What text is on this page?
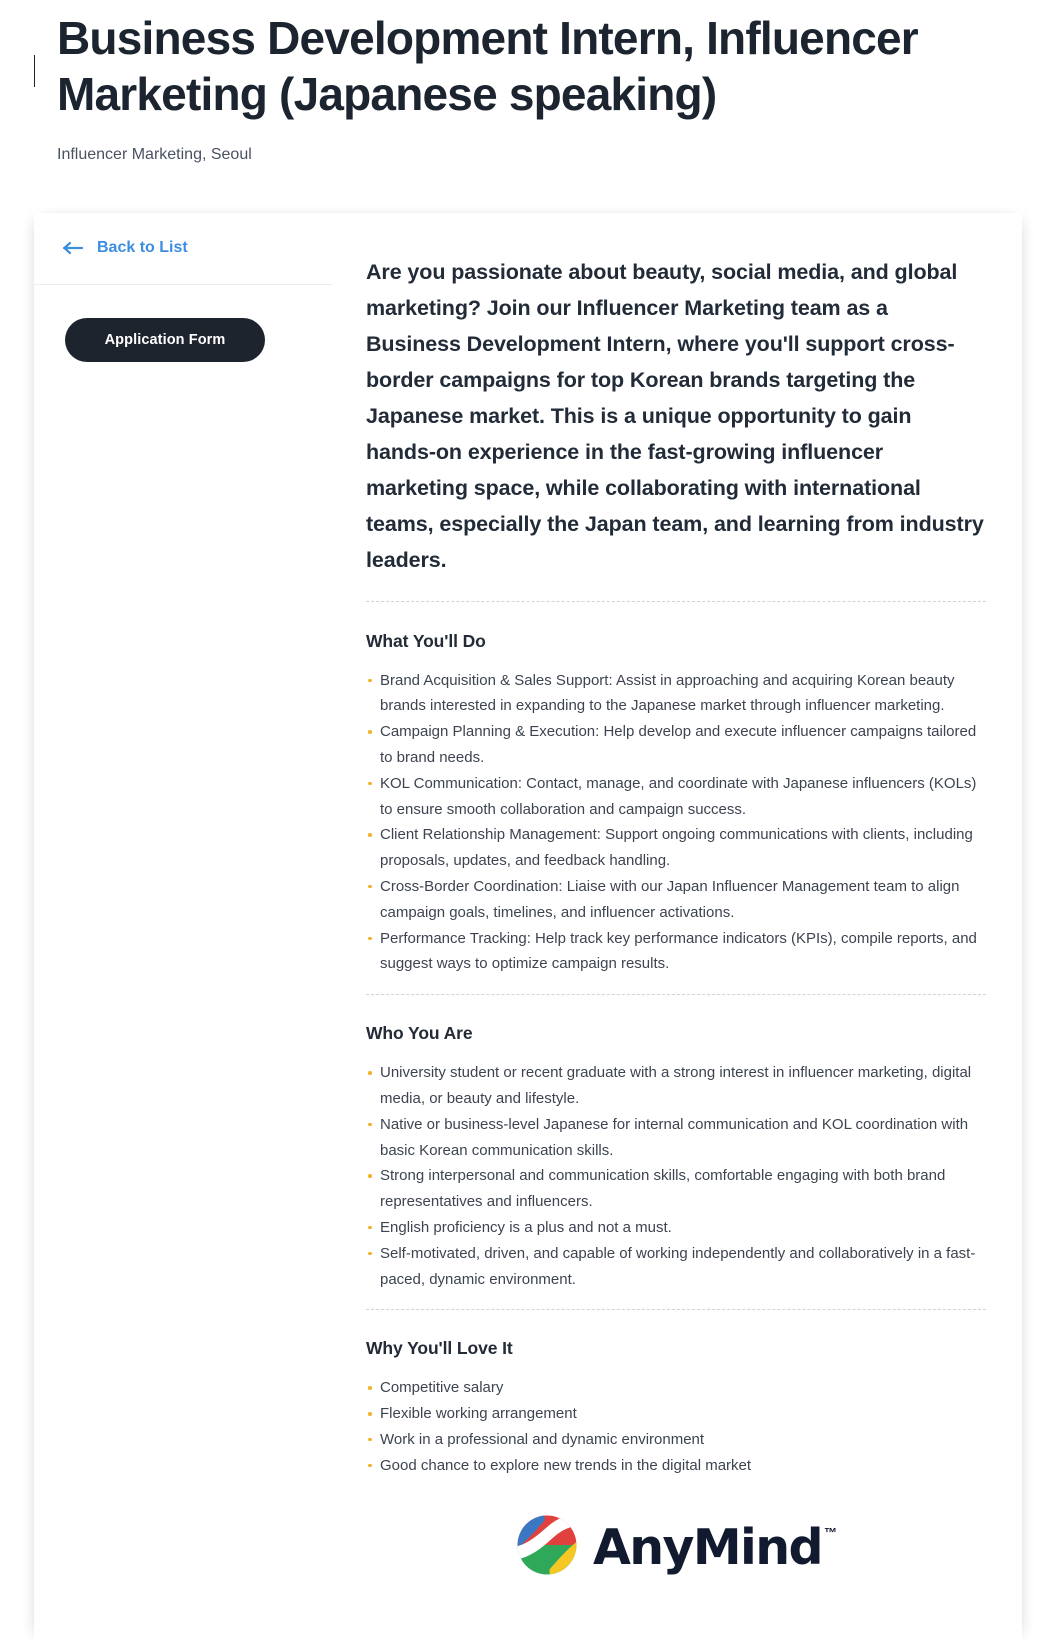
Business Development Intern, Influencer Marketing (Japanese speaking)
Influencer Marketing, Seoul
Back to List
Application Form

Are you passionate about beauty, social media, and global marketing? Join our Influencer Marketing team as a Business Development Intern, where you'll support cross-border campaigns for top Korean brands targeting the Japanese market. This is a unique opportunity to gain hands-on experience in the fast-growing influencer marketing space, while collaborating with international teams, especially the Japan team, and learning from industry leaders.

What You'll Do
Brand Acquisition & Sales Support: Assist in approaching and acquiring Korean beauty brands interested in expanding to the Japanese market through influencer marketing.
Campaign Planning & Execution: Help develop and execute influencer campaigns tailored to brand needs.
KOL Communication: Contact, manage, and coordinate with Japanese influencers (KOLs) to ensure smooth collaboration and campaign success.
Client Relationship Management: Support ongoing communications with clients, including proposals, updates, and feedback handling.
Cross-Border Coordination: Liaise with our Japan Influencer Management team to align campaign goals, timelines, and influencer activations.
Performance Tracking: Help track key performance indicators (KPIs), compile reports, and suggest ways to optimize campaign results.
Who You Are
University student or recent graduate with a strong interest in influencer marketing, digital media, or beauty and lifestyle.
Native or business-level Japanese for internal communication and KOL coordination with basic Korean communication skills.
Strong interpersonal and communication skills, comfortable engaging with both brand representatives and influencers.
English proficiency is a plus and not a must.
Self-motivated, driven, and capable of working independently and collaboratively in a fast-paced, dynamic environment.
Why You'll Love It
Competitive salary
Flexible working arrangement
Work in a professional and dynamic environment
Good chance to explore new trends in the digital market
AnyMind ™
